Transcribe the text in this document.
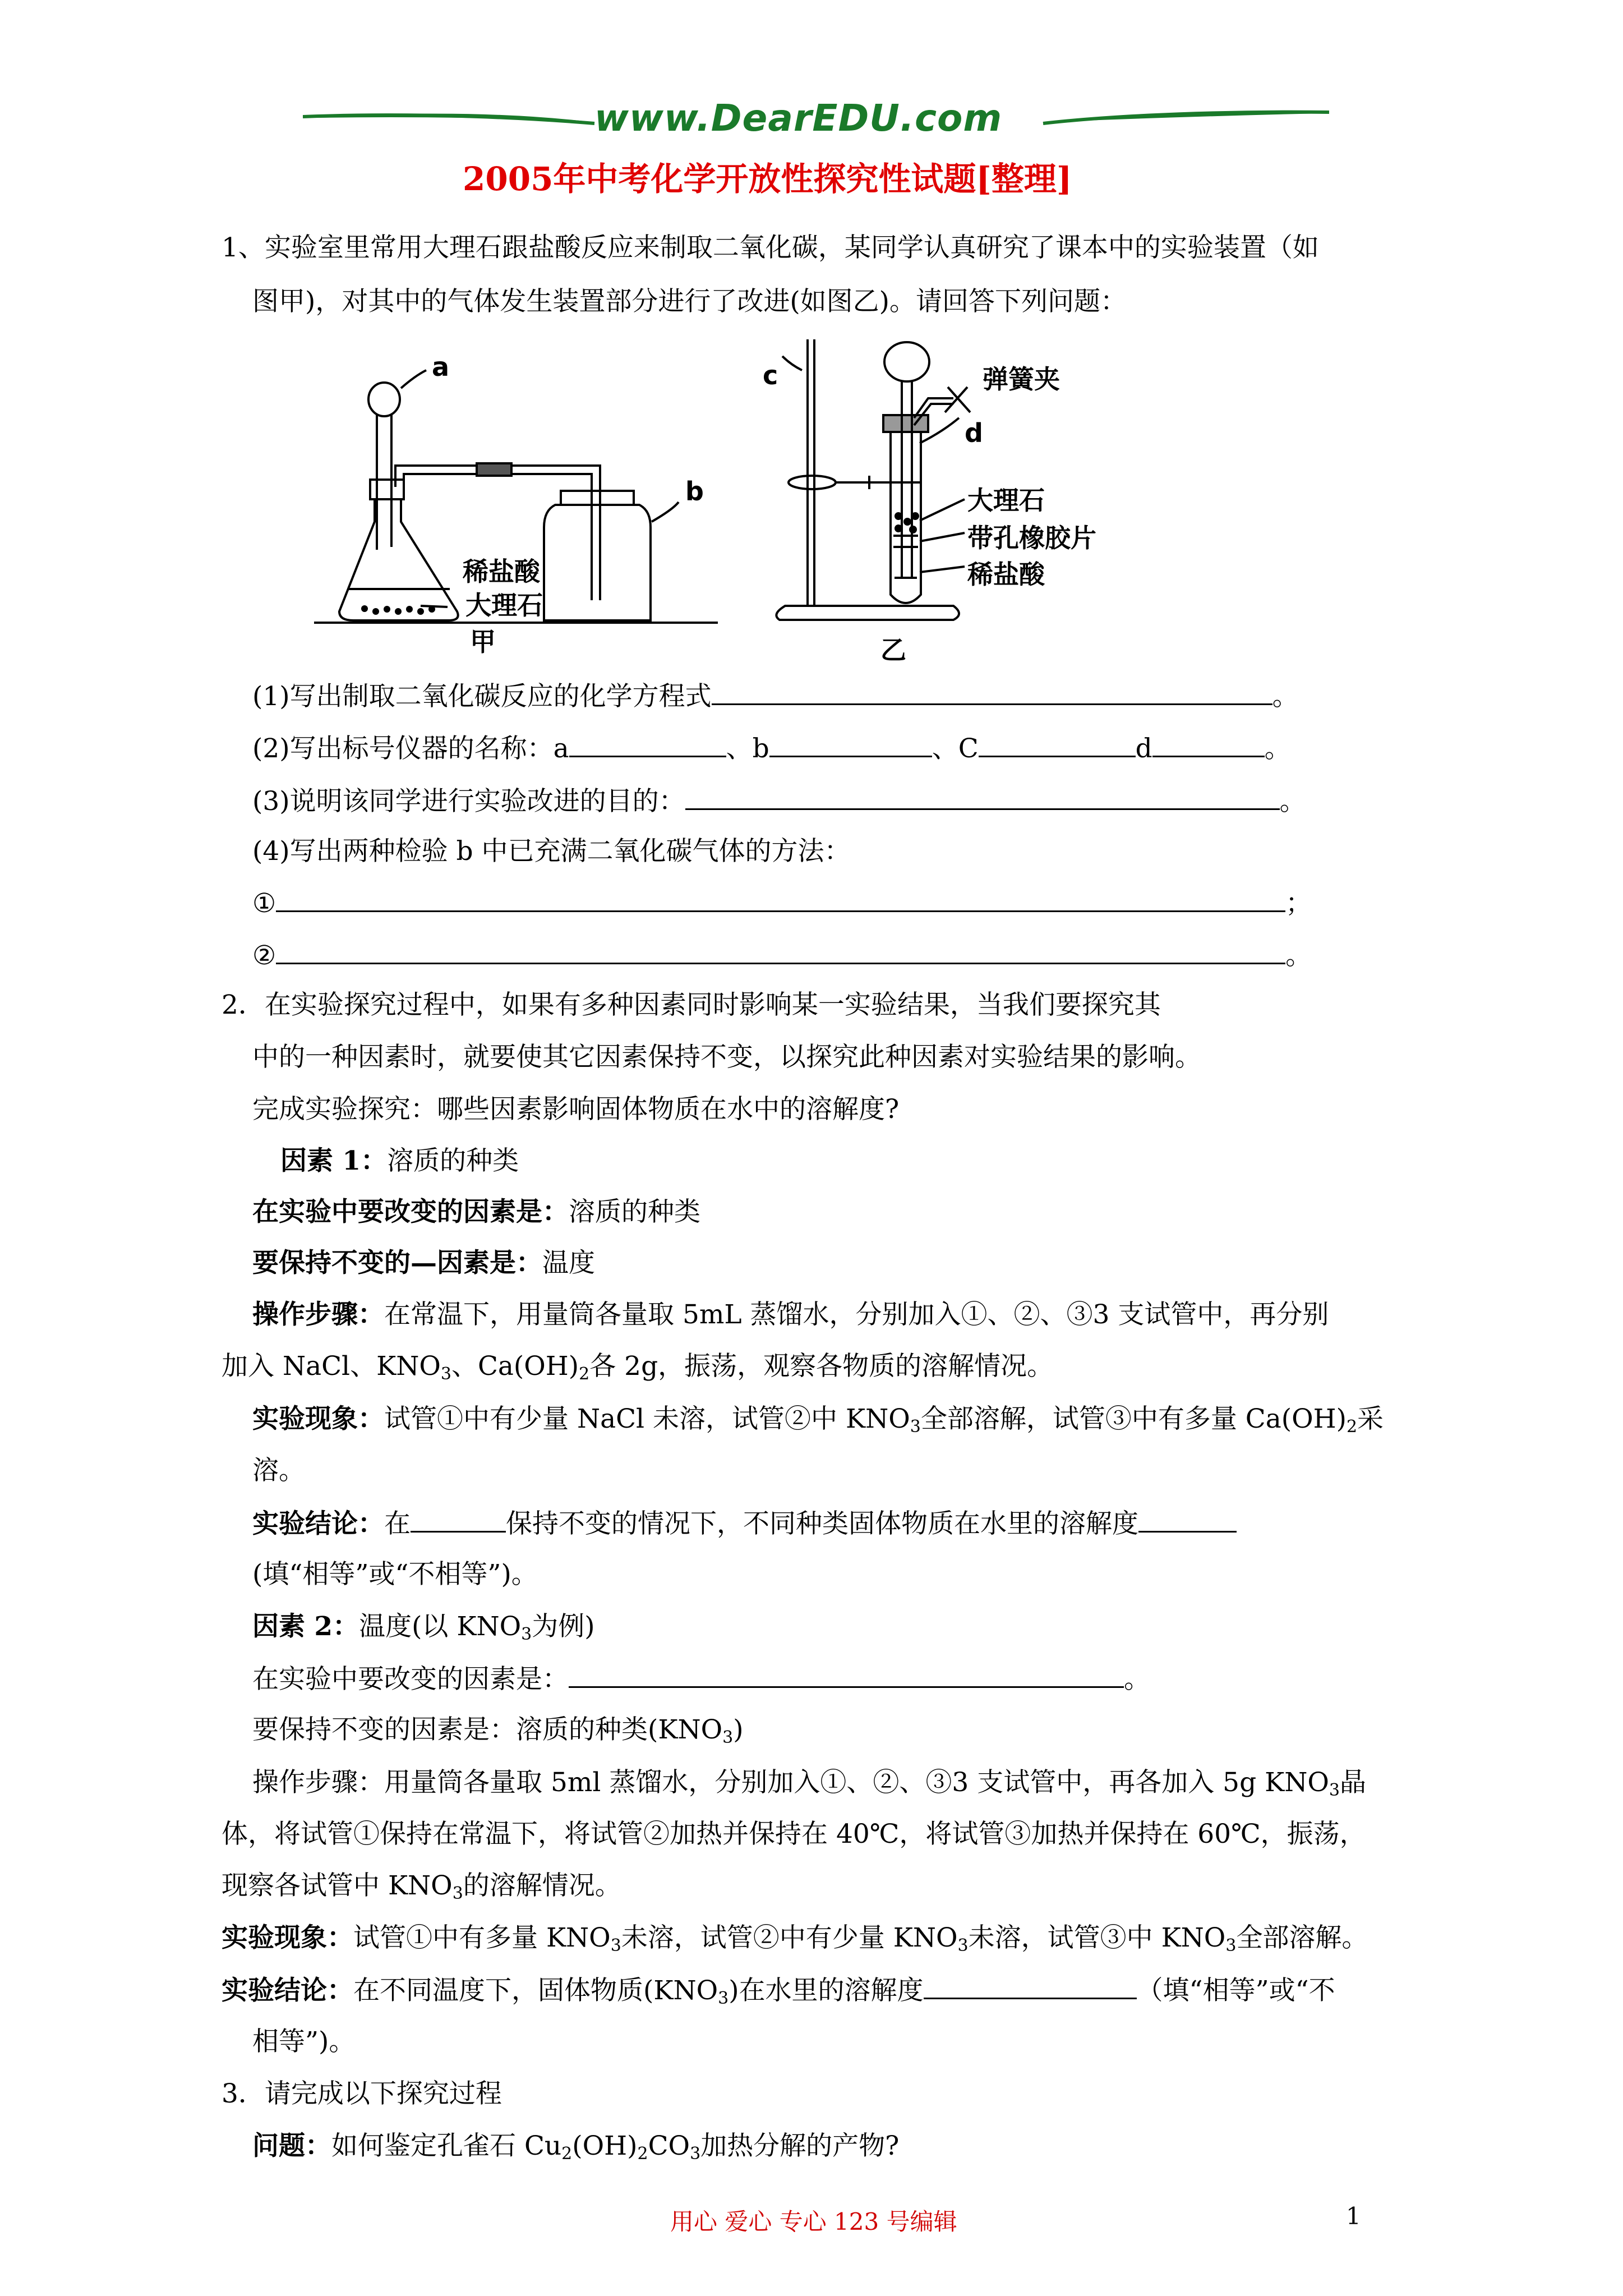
www.DearEDU.com
2005年中考化学开放性探究性试题[整理]
1、实验室里常用大理石跟盐酸反应来制取二氧化碳，某同学认真研究了课本中的实验装置（如
图甲)，对其中的气体发生装置部分进行了改进(如图乙)。请回答下列问题：
a
b
稀盐酸
大理石
甲
c	弹簧夹
d
大理石
带孔橡胶片
稀盐酸
乙
(1)写出制取二氧化碳反应的化学方程式	。
(2)写出标号仪器的名称：a	、b	、C	d	。
(3)说明该同学进行实验改进的目的：	。
(4)写出两种检验 b 中已充满二氧化碳气体的方法：
①	；
②	。
2．在实验探究过程中，如果有多种因素同时影响某一实验结果，当我们要探究其
中的一种因素时，就要使其它因素保持不变，以探究此种因素对实验结果的影响。
完成实验探究：哪些因素影响固体物质在水中的溶解度?
因素 1：溶质的种类
在实验中要改变的因素是：溶质的种类
要保持不变的—因素是：温度
操作步骤：在常温下，用量筒各量取 5mL 蒸馏水，分别加入①、②、③3 支试管中，再分别
加入 NaCl、$KNO_3$、$Ca(OH)_2$各 2g，振荡，观察各物质的溶解情况。
实验现象：试管①中有少量 NaCl 未溶，试管②中 $KNO_3$全部溶解，试管③中有多量 $Ca(OH)_2$采
溶。
实验结论：在	保持不变的情况下，不同种类固体物质在水里的溶解度
(填“相等”或“不相等”)。
因素 2：温度(以 $KNO_3$为例)
在实验中要改变的因素是：	。
要保持不变的因素是：溶质的种类$(KNO_3)$
操作步骤：用量筒各量取 5ml 蒸馏水，分别加入①、②、③3 支试管中，再各加入 5g $KNO_3$晶
体，将试管①保持在常温下，将试管②加热并保持在 40℃，将试管③加热并保持在 60℃，振荡，
现察各试管中 $KNO_3$的溶解情况。
实验现象：试管①中有多量 $KNO_3$未溶，试管②中有少量 $KNO_3$未溶，试管③中 $KNO_3$全部溶解。
实验结论：在不同温度下，固体物质$(KNO_3)$在水里的溶解度	（填“相等”或“不
相等”)。
3．请完成以下探究过程
问题：如何鉴定孔雀石 $Cu_2(OH)_2CO_3$加热分解的产物?
用心 爱心 专心 123 号编辑	1
